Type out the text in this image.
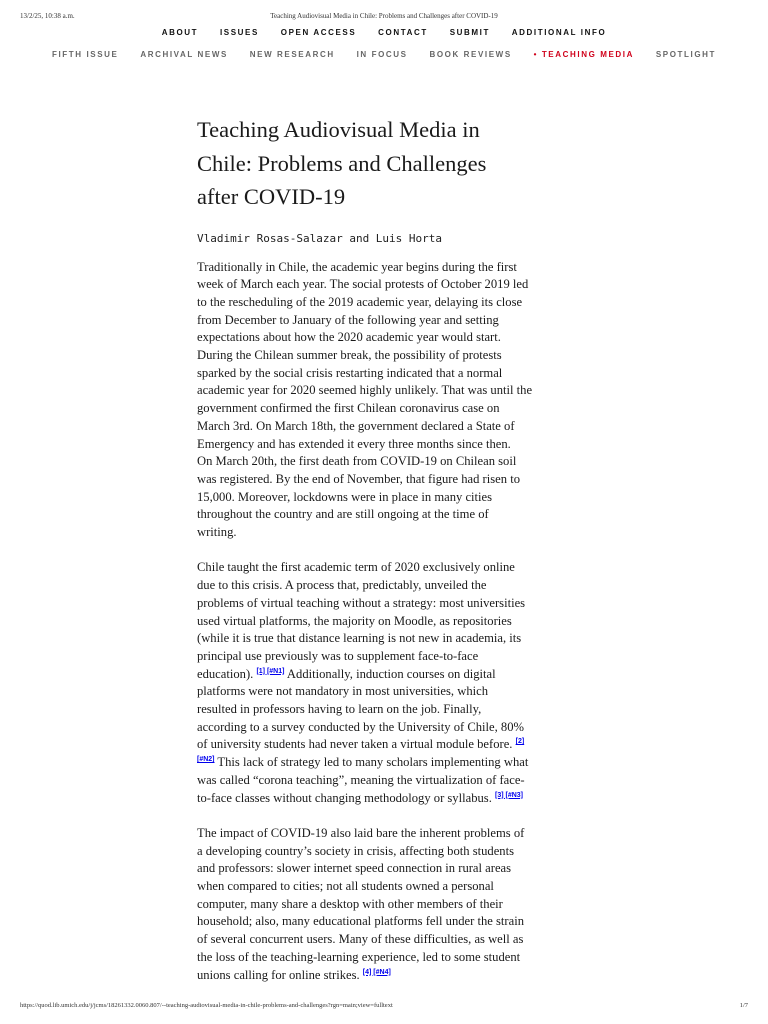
13/2/25, 10:38 a.m.	Teaching Audiovisual Media in Chile: Problems and Challenges after COVID-19
ABOUT	ISSUES	OPEN ACCESS	CONTACT	SUBMIT	ADDITIONAL INFO
FIFTH ISSUE	ARCHIVAL NEWS	NEW RESEARCH	IN FOCUS	BOOK REVIEWS	• TEACHING MEDIA	SPOTLIGHT
Teaching Audiovisual Media in
Chile: Problems and Challenges
after COVID-19
Vladimir Rosas-Salazar and Luis Horta

Traditionally in Chile, the academic year begins during the first
week of March each year. The social protests of October 2019 led
to the rescheduling of the 2019 academic year, delaying its close
from December to January of the following year and setting
expectations about how the 2020 academic year would start.
During the Chilean summer break, the possibility of protests
sparked by the social crisis restarting indicated that a normal
academic year for 2020 seemed highly unlikely. That was until the
government confirmed the first Chilean coronavirus case on
March 3rd. On March 18th, the government declared a State of
Emergency and has extended it every three months since then.
On March 20th, the first death from COVID-19 on Chilean soil
was registered. By the end of November, that figure had risen to
15,000. Moreover, lockdowns were in place in many cities
throughout the country and are still ongoing at the time of
writing.

Chile taught the first academic term of 2020 exclusively online
due to this crisis. A process that, predictably, unveiled the
problems of virtual teaching without a strategy: most universities
used virtual platforms, the majority on Moodle, as repositories
(while it is true that distance learning is not new in academia, its
principal use previously was to supplement face-to-face
education). [1] [#N1] Additionally, induction courses on digital
platforms were not mandatory in most universities, which
resulted in professors having to learn on the job. Finally,
according to a survey conducted by the University of Chile, 80%
of university students had never taken a virtual module before. [2]
[#N2] This lack of strategy led to many scholars implementing what
was called “corona teaching”, meaning the virtualization of face-
to-face classes without changing methodology or syllabus. [3] [#N3]

The impact of COVID-19 also laid bare the inherent problems of
a developing country’s society in crisis, affecting both students
and professors: slower internet speed connection in rural areas
when compared to cities; not all students owned a personal
computer, many share a desktop with other members of their
household; also, many educational platforms fell under the strain
of several concurrent users. Many of these difficulties, as well as
the loss of the teaching-learning experience, led to some student
unions calling for online strikes. [4] [#N4]

https://quod.lib.umich.edu/j/jcms/18261332.0060.807/--teaching-audiovisual-media-in-chile-problems-and-challenges?rgn=main;view=fulltext	1/7
